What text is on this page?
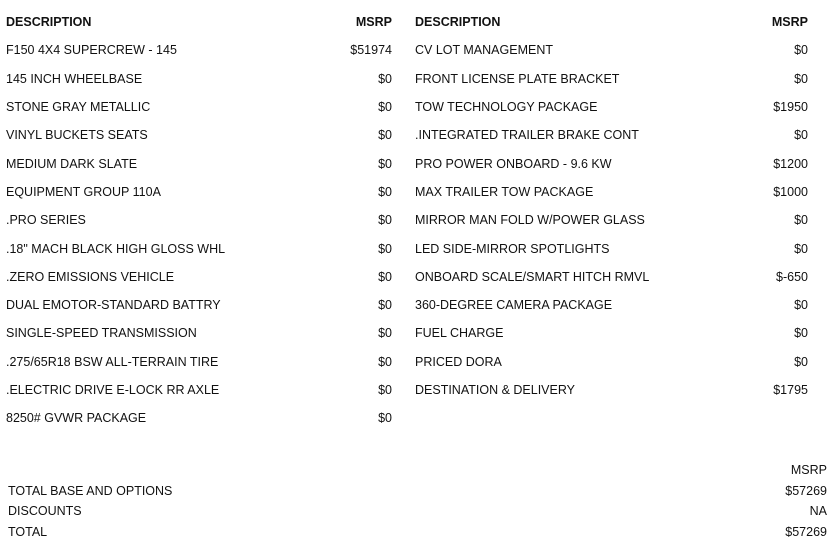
DESCRIPTION	MSRP
F150 4X4 SUPERCREW - 145	$51974
145 INCH WHEELBASE	$0
STONE GRAY METALLIC	$0
VINYL BUCKETS SEATS	$0
MEDIUM DARK SLATE	$0
EQUIPMENT GROUP 110A	$0
.PRO SERIES	$0
.18" MACH BLACK HIGH GLOSS WHL	$0
.ZERO EMISSIONS VEHICLE	$0
DUAL EMOTOR-STANDARD BATTRY	$0
SINGLE-SPEED TRANSMISSION	$0
.275/65R18 BSW ALL-TERRAIN TIRE	$0
.ELECTRIC DRIVE E-LOCK RR AXLE	$0
8250# GVWR PACKAGE	$0
DESCRIPTION	MSRP
CV LOT MANAGEMENT	$0
FRONT LICENSE PLATE BRACKET	$0
TOW TECHNOLOGY PACKAGE	$1950
.INTEGRATED TRAILER BRAKE CONT	$0
PRO POWER ONBOARD - 9.6 KW	$1200
MAX TRAILER TOW PACKAGE	$1000
MIRROR MAN FOLD W/POWER GLASS	$0
LED SIDE-MIRROR SPOTLIGHTS	$0
ONBOARD SCALE/SMART HITCH RMVL	$-650
360-DEGREE CAMERA PACKAGE	$0
FUEL CHARGE	$0
PRICED DORA	$0
DESTINATION & DELIVERY	$1795
MSRP
TOTAL BASE AND OPTIONS	$57269
DISCOUNTS	NA
TOTAL	$57269
